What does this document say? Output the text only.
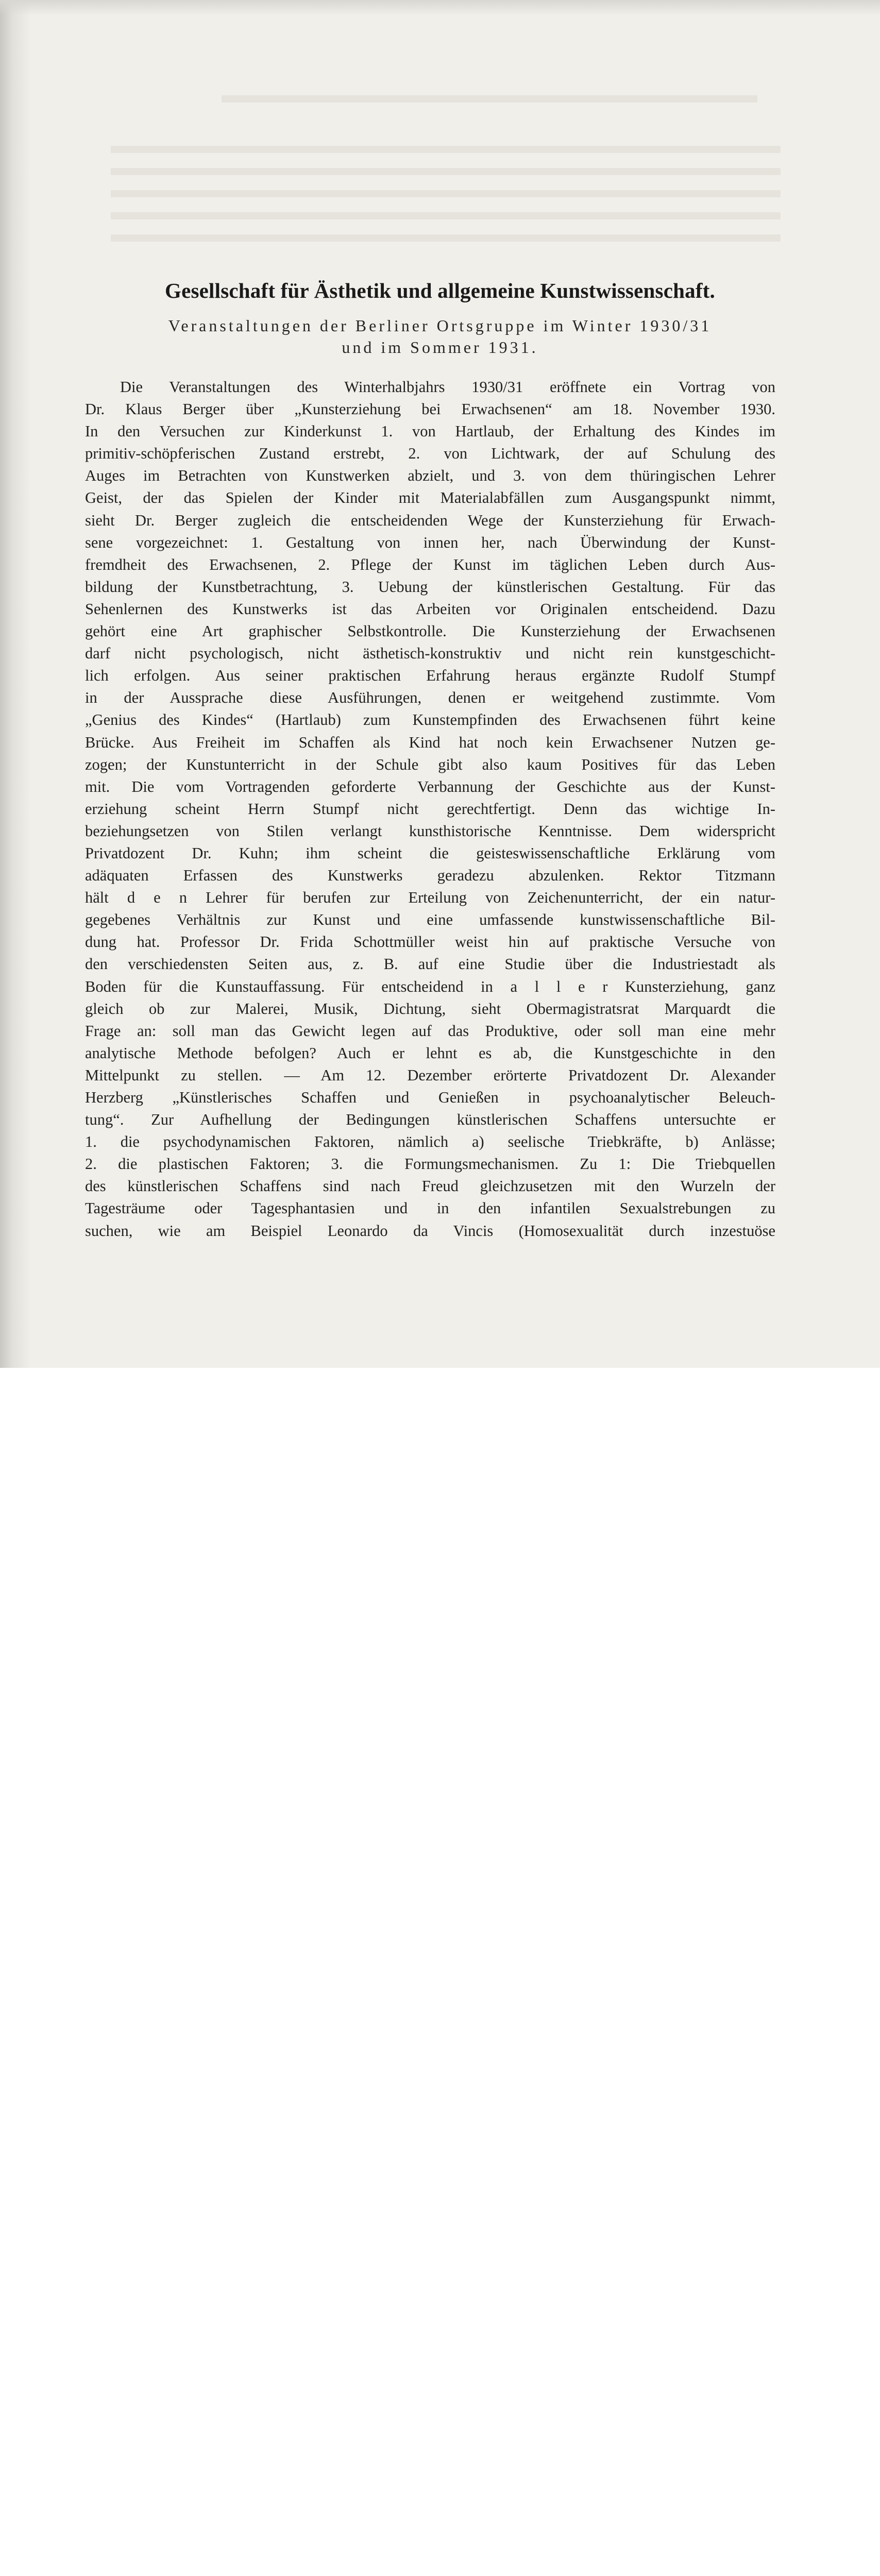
Gesellschaft für Ästhetik und allgemeine Kunstwissenschaft.
Veranstaltungen der Berliner Ortsgruppe im Winter 1930/31
und im Sommer 1931.
Die Veranstaltungen des Winterhalbjahrs 1930/31 eröffnete ein Vortrag von
Dr. Klaus Berger über „Kunsterziehung bei Erwachsenen“ am 18. November 1930.
In den Versuchen zur Kinderkunst 1. von Hartlaub, der Erhaltung des Kindes im
primitiv-schöpferischen Zustand erstrebt, 2. von Lichtwark, der auf Schulung des
Auges im Betrachten von Kunstwerken abzielt, und 3. von dem thüringischen Lehrer
Geist, der das Spielen der Kinder mit Materialabfällen zum Ausgangspunkt nimmt,
sieht Dr. Berger zugleich die entscheidenden Wege der Kunsterziehung für Erwach-
sene vorgezeichnet: 1. Gestaltung von innen her, nach Überwindung der Kunst-
fremdheit des Erwachsenen, 2. Pflege der Kunst im täglichen Leben durch Aus-
bildung der Kunstbetrachtung, 3. Uebung der künstlerischen Gestaltung. Für das
Sehenlernen des Kunstwerks ist das Arbeiten vor Originalen entscheidend. Dazu
gehört eine Art graphischer Selbstkontrolle. Die Kunsterziehung der Erwachsenen
darf nicht psychologisch, nicht ästhetisch-konstruktiv und nicht rein kunstgeschicht-
lich erfolgen. Aus seiner praktischen Erfahrung heraus ergänzte Rudolf Stumpf
in der Aussprache diese Ausführungen, denen er weitgehend zustimmte. Vom
„Genius des Kindes“ (Hartlaub) zum Kunstempfinden des Erwachsenen führt keine
Brücke. Aus Freiheit im Schaffen als Kind hat noch kein Erwachsener Nutzen ge-
zogen; der Kunstunterricht in der Schule gibt also kaum Positives für das Leben
mit. Die vom Vortragenden geforderte Verbannung der Geschichte aus der Kunst-
erziehung scheint Herrn Stumpf nicht gerechtfertigt. Denn das wichtige In-
beziehungsetzen von Stilen verlangt kunsthistorische Kenntnisse. Dem widerspricht
Privatdozent Dr. Kuhn; ihm scheint die geisteswissenschaftliche Erklärung vom
adäquaten Erfassen des Kunstwerks geradezu abzulenken. Rektor Titzmann
hält d e n Lehrer für berufen zur Erteilung von Zeichenunterricht, der ein natur-
gegebenes Verhältnis zur Kunst und eine umfassende kunstwissenschaftliche Bil-
dung hat. Professor Dr. Frida Schottmüller weist hin auf praktische Versuche von
den verschiedensten Seiten aus, z. B. auf eine Studie über die Industriestadt als
Boden für die Kunstauffassung. Für entscheidend in a l l e r Kunsterziehung, ganz
gleich ob zur Malerei, Musik, Dichtung, sieht Obermagistratsrat Marquardt die
Frage an: soll man das Gewicht legen auf das Produktive, oder soll man eine mehr
analytische Methode befolgen? Auch er lehnt es ab, die Kunstgeschichte in den
Mittelpunkt zu stellen. — Am 12. Dezember erörterte Privatdozent Dr. Alexander
Herzberg „Künstlerisches Schaffen und Genießen in psychoanalytischer Beleuch-
tung“. Zur Aufhellung der Bedingungen künstlerischen Schaffens untersuchte er
1. die psychodynamischen Faktoren, nämlich a) seelische Triebkräfte, b) Anlässe;
2. die plastischen Faktoren; 3. die Formungsmechanismen. Zu 1: Die Triebquellen
des künstlerischen Schaffens sind nach Freud gleichzusetzen mit den Wurzeln der
Tagesträume oder Tagesphantasien und in den infantilen Sexualstrebungen zu
suchen, wie am Beispiel Leonardo da Vincis (Homosexualität durch inzestuöse
